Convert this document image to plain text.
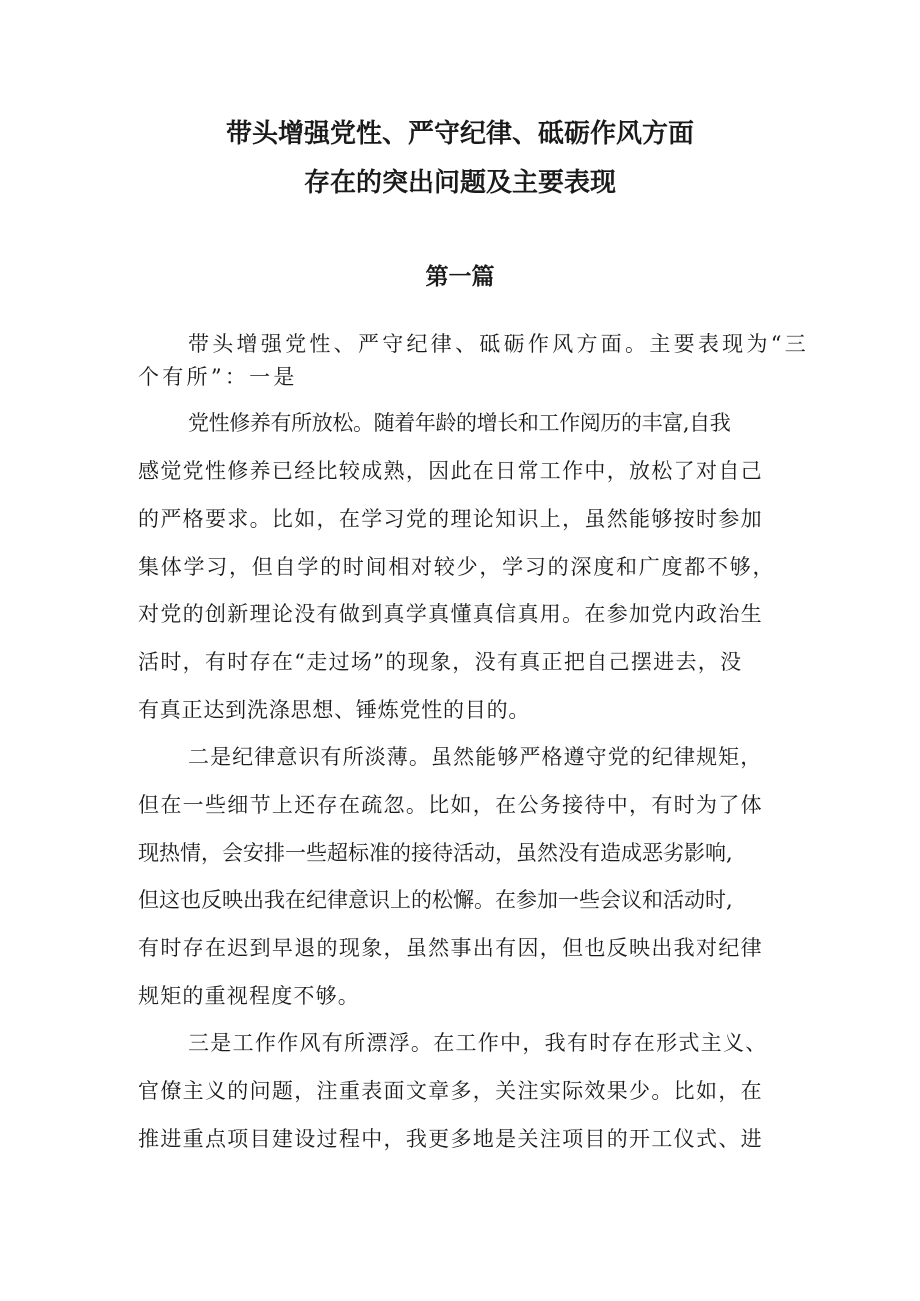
带头增强党性、严守纪律、砥砺作风方面
存在的突出问题及主要表现
第一篇
带头增强党性、严守纪律、砥砺作风方面。主要表现为“三
个有所”：一是
党性修养有所放松。随着年龄的增长和工作阅历的丰富,自我
感觉党性修养已经比较成熟，因此在日常工作中，放松了对自己
的严格要求。比如，在学习党的理论知识上，虽然能够按时参加
集体学习，但自学的时间相对较少，学习的深度和广度都不够，
对党的创新理论没有做到真学真懂真信真用。在参加党内政治生
活时，有时存在“走过场”的现象，没有真正把自己摆进去，没
有真正达到洗涤思想、锤炼党性的目的。
二是纪律意识有所淡薄。虽然能够严格遵守党的纪律规矩，
但在一些细节上还存在疏忽。比如，在公务接待中，有时为了体
现热情，会安排一些超标准的接待活动，虽然没有造成恶劣影响,
但这也反映出我在纪律意识上的松懈。在参加一些会议和活动时,
有时存在迟到早退的现象，虽然事出有因，但也反映出我对纪律
规矩的重视程度不够。
三是工作作风有所漂浮。在工作中，我有时存在形式主义、
官僚主义的问题，注重表面文章多，关注实际效果少。比如，在
推进重点项目建设过程中，我更多地是关注项目的开工仪式、进
